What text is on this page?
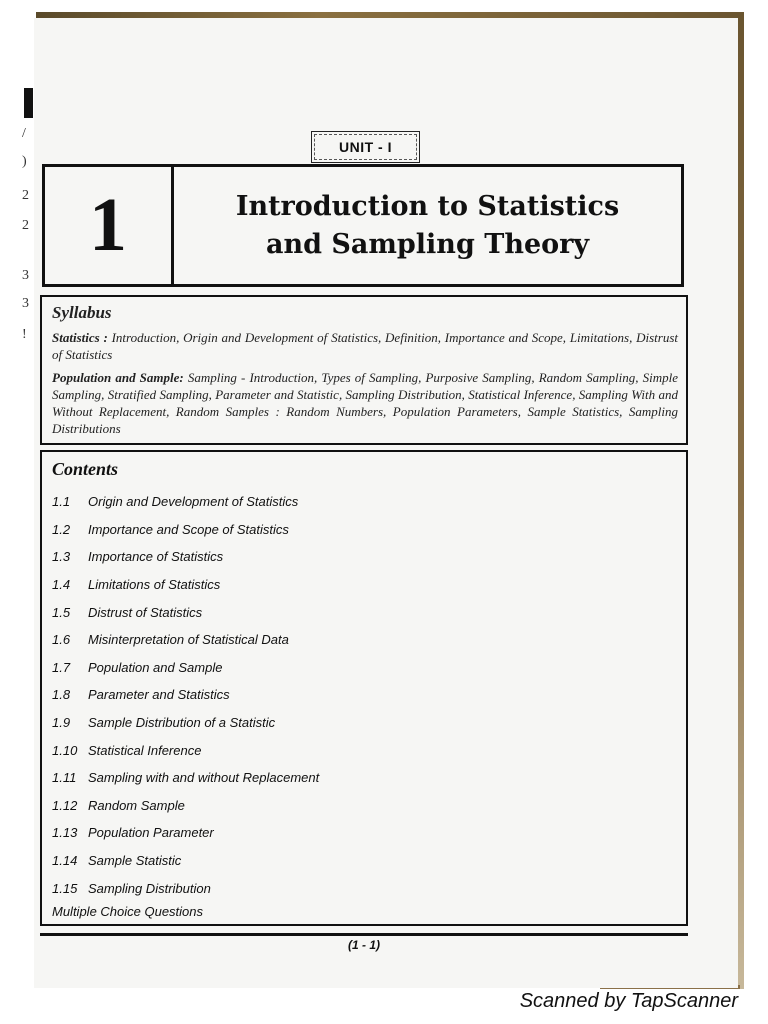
/
)
2
2
3
3
!
UNIT - I
1	Introduction to Statistics
and Sampling Theory
Syllabus

Statistics : Introduction, Origin and Development of Statistics, Definition, Importance and Scope, Limitations, Distrust of Statistics

Population and Sample: Sampling - Introduction, Types of Sampling, Purposive Sampling, Random Sampling, Simple Sampling, Stratified Sampling, Parameter and Statistic, Sampling Distribution, Statistical Inference, Sampling With and Without Replacement, Random Samples : Random Numbers, Population Parameters, Sample Statistics, Sampling Distributions

Contents
1.1	Origin and Development of Statistics
1.2	Importance and Scope of Statistics
1.3	Importance of Statistics
1.4	Limitations of Statistics
1.5	Distrust of Statistics
1.6	Misinterpretation of Statistical Data
1.7	Population and Sample
1.8	Parameter and Statistics
1.9	Sample Distribution of a Statistic
1.10 Statistical Inference
1.11 Sampling with and without Replacement
1.12 Random Sample
1.13 Population Parameter
1.14 Sample Statistic
1.15 Sampling Distribution
Multiple Choice Questions
(1 - 1)
Scanned by TapScanner
